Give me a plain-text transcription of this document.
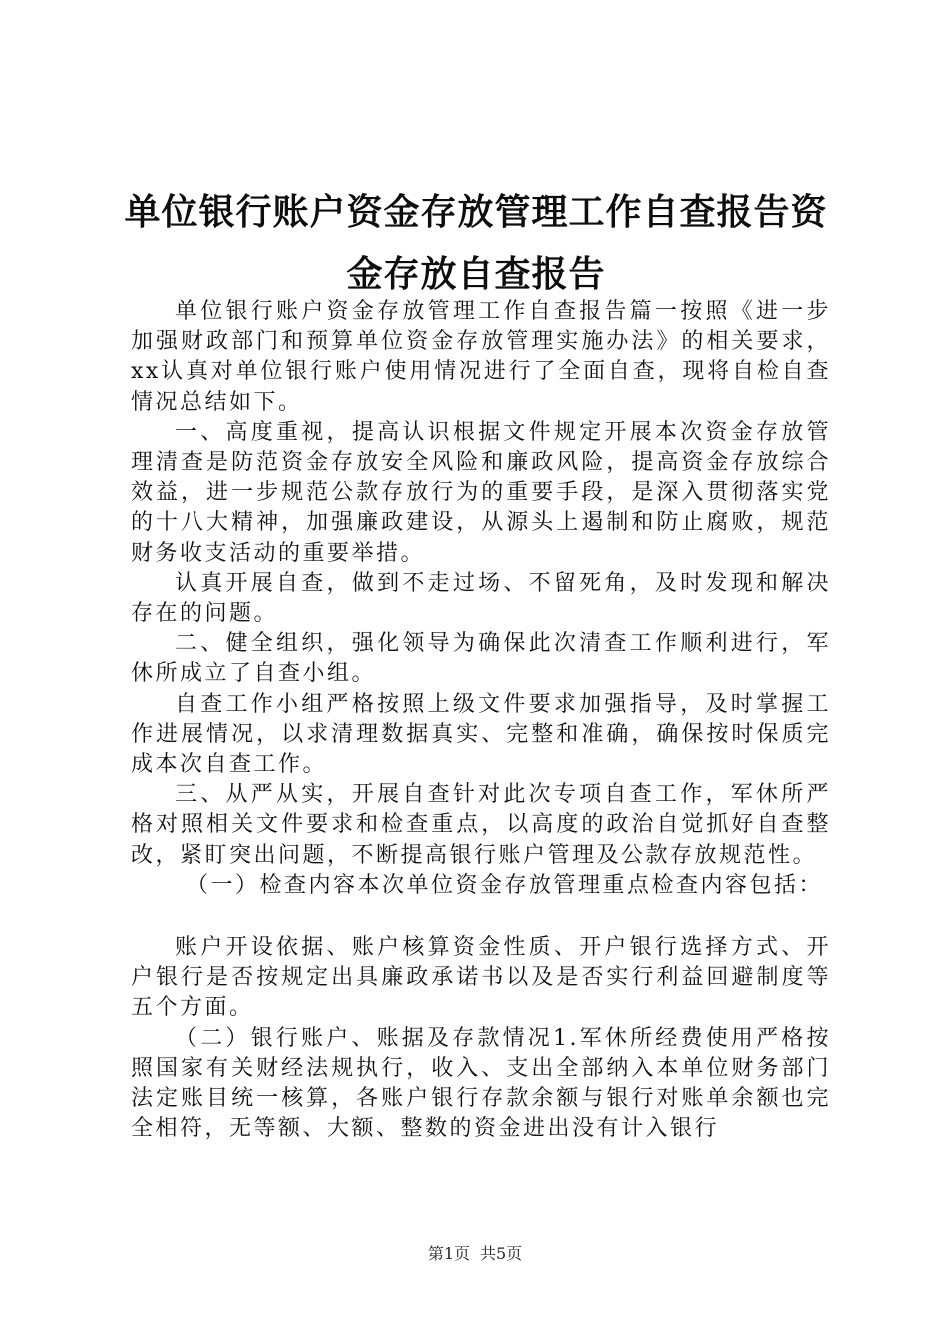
单位银行账户资金存放管理工作自查报告资金存放自查报告

单位银行账户资金存放管理工作自查报告篇一按照《进一步加强财政部门和预算单位资金存放管理实施办法》的相关要求，xx认真对单位银行账户使用情况进行了全面自查，现将自检自查情况总结如下。

一、高度重视，提高认识根据文件规定开展本次资金存放管理清查是防范资金存放安全风险和廉政风险，提高资金存放综合效益，进一步规范公款存放行为的重要手段，是深入贯彻落实党的十八大精神，加强廉政建设，从源头上遏制和防止腐败，规范财务收支活动的重要举措。

认真开展自查，做到不走过场、不留死角，及时发现和解决存在的问题。

二、健全组织，强化领导为确保此次清查工作顺利进行，军休所成立了自查小组。

自查工作小组严格按照上级文件要求加强指导，及时掌握工作进展情况，以求清理数据真实、完整和准确，确保按时保质完成本次自查工作。

三、从严从实，开展自查针对此次专项自查工作，军休所严格对照相关文件要求和检查重点，以高度的政治自觉抓好自查整改，紧盯突出问题，不断提高银行账户管理及公款存放规范性。

（一）检查内容本次单位资金存放管理重点检查内容包括：

账户开设依据、账户核算资金性质、开户银行选择方式、开户银行是否按规定出具廉政承诺书以及是否实行利益回避制度等五个方面。

（二）银行账户、账据及存款情况1.军休所经费使用严格按照国家有关财经法规执行，收入、支出全部纳入本单位财务部门法定账目统一核算，各账户银行存款余额与银行对账单余额也完全相符，无等额、大额、整数的资金进出没有计入银行

第1页 共5页
